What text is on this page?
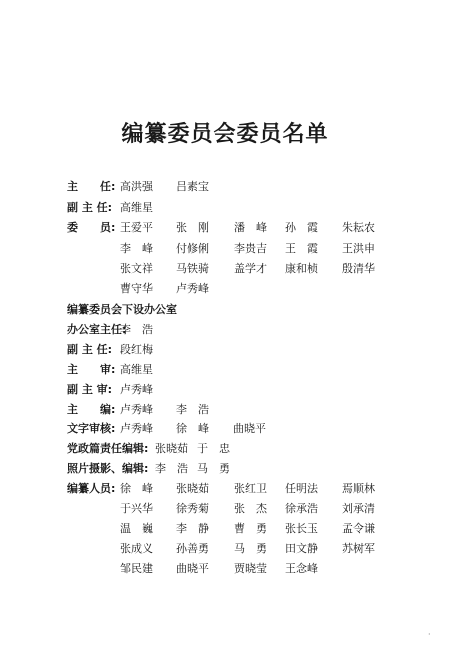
编纂委员会委员名单
主　　任: 高洪强 吕素宝
副 主 任: 高维星
委　　员: 王爱平 张　刚 潘　峰 孙　霞 朱耘农
李　峰 付修俐 李贵吉 王　霞 王洪申
张文祥 马铁骑 盖学才 康和桢 殷清华
曹守华 卢秀峰
编纂委员会下设办公室
办公室主任:
李　浩
副 主 任: 段红梅
主　　审: 高维星
副 主 审: 卢秀峰
主　　编: 卢秀峰 李　浩
文字审核: 卢秀峰 徐　峰 曲晓平
党政篇责任编辑: 张晓茹 于　忠
照片摄影、编辑: 李　浩 马　勇
编纂人员: 徐　峰 张晓茹 张红卫 任明法 焉顺林
于兴华 徐秀菊 张　杰 徐承浩 刘承清
温　巍 李　静 曹　勇 张长玉 孟令谦
张成义 孙善勇 马　勇 田文静 苏树军
邹民建 曲晓平 贾晓莹 王念峰
·
